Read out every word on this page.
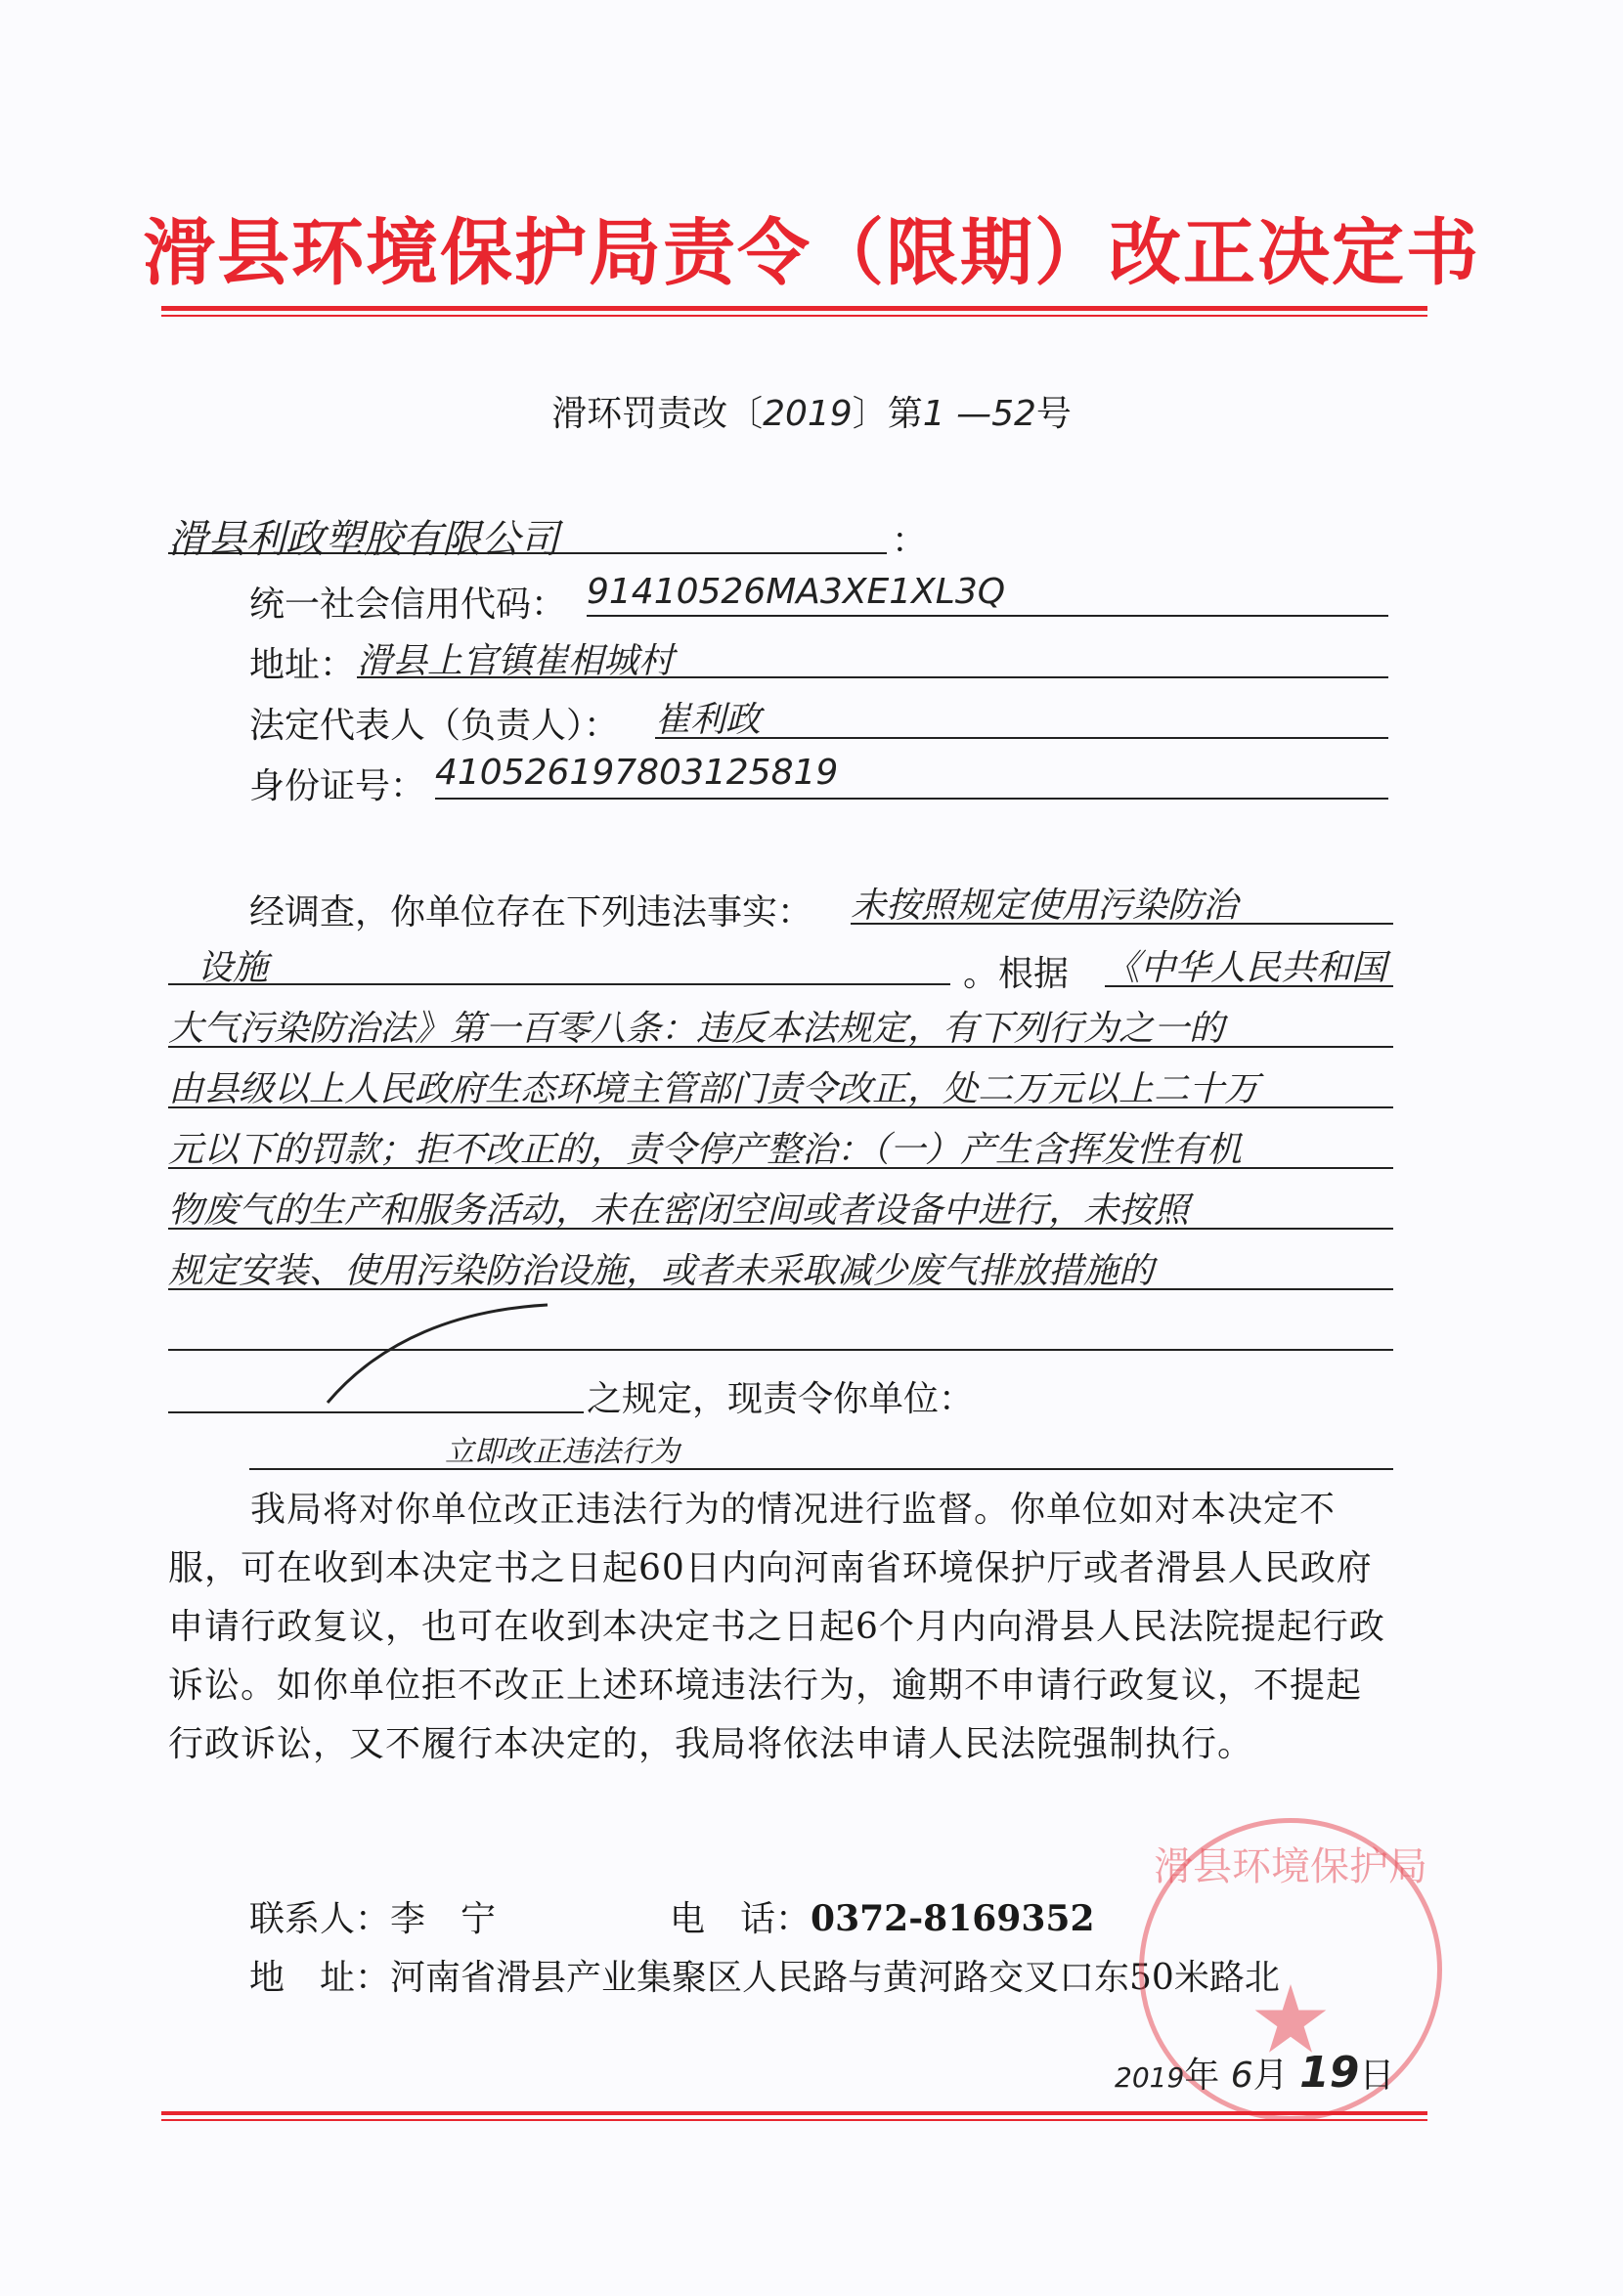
滑县环境保护局责令（限期）改正决定书
滑环罚责改〔2019〕第1 —52号
滑县利政塑胶有限公司	：
统一社会信用代码： 91410526MA3XE1XL3Q
地址： 滑县上官镇崔相城村
法定代表人（负责人）： 崔利政
身份证号： 410526197803125819
经调查，你单位存在下列违法事实： 未按照规定使用污染防治
设施	。根据 《中华人民共和国
大气污染防治法》第一百零八条：违反本法规定，有下列行为之一的
由县级以上人民政府生态环境主管部门责令改正，处二万元以上二十万
元以下的罚款；拒不改正的，责令停产整治：（一）产生含挥发性有机
物废气的生产和服务活动，未在密闭空间或者设备中进行，未按照
规定安装、使用污染防治设施，或者未采取减少废气排放措施的
之规定，现责令你单位：
立即改正违法行为
我局将对你单位改正违法行为的情况进行监督。你单位如对本决定不服，可在收到本决定书之日起60日内向河南省环境保护厅或者滑县人民政府申请行政复议，也可在收到本决定书之日起6个月内向滑县人民法院提起行政诉讼。如你单位拒不改正上述环境违法行为，逾期不申请行政复议，不提起行政诉讼，又不履行本决定的，我局将依法申请人民法院强制执行。
联系人：李　宁	电　话：0372-8169352
地　址：河南省滑县产业集聚区人民路与黄河路交叉口东50米路北
滑县环境保护局
2019年 6月 19日
